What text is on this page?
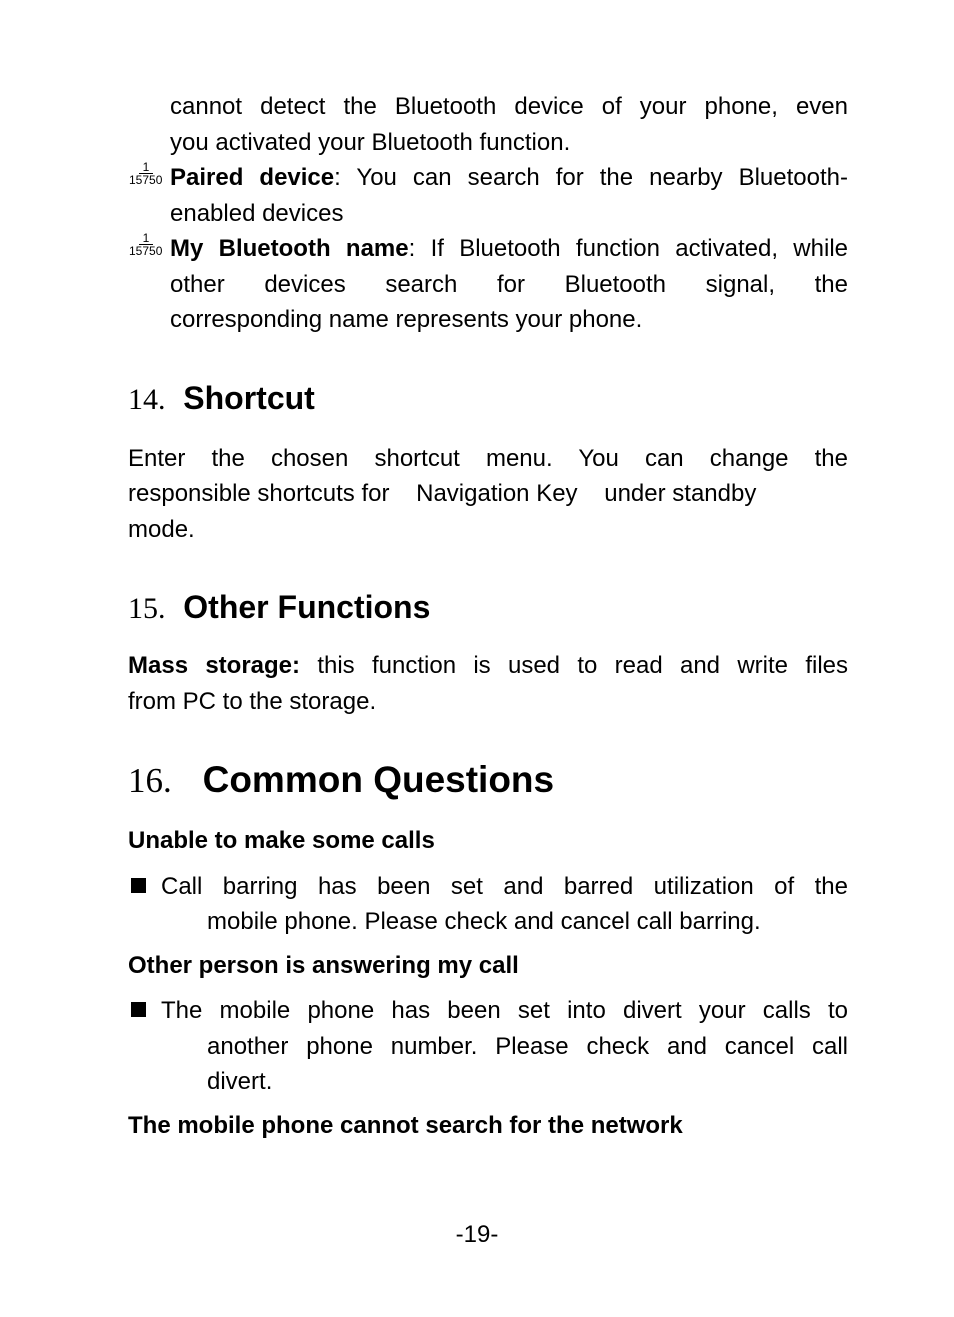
cannot detect the Bluetooth device of your phone, even
you activated your Bluetooth function.
$\frac{1}{15750}$ Paired device: You can search for the nearby Bluetooth-
enabled devices
$\frac{1}{15750}$ My Bluetooth name: If Bluetooth function activated, while
other devices search for Bluetooth signal, the
corresponding name represents your phone.
14. Shortcut
Enter the chosen shortcut menu. You can change the
responsible shortcuts for    Navigation Key    under standby
mode.
15. Other Functions
Mass storage: this function is used to read and write files
from PC to the storage.
16. Common Questions
Unable to make some calls
Call barring has been set and barred utilization of the
mobile phone. Please check and cancel call barring.
Other person is answering my call
The mobile phone has been set into divert your calls to
another phone number. Please check and cancel call
divert.
The mobile phone cannot search for the network
-19-
